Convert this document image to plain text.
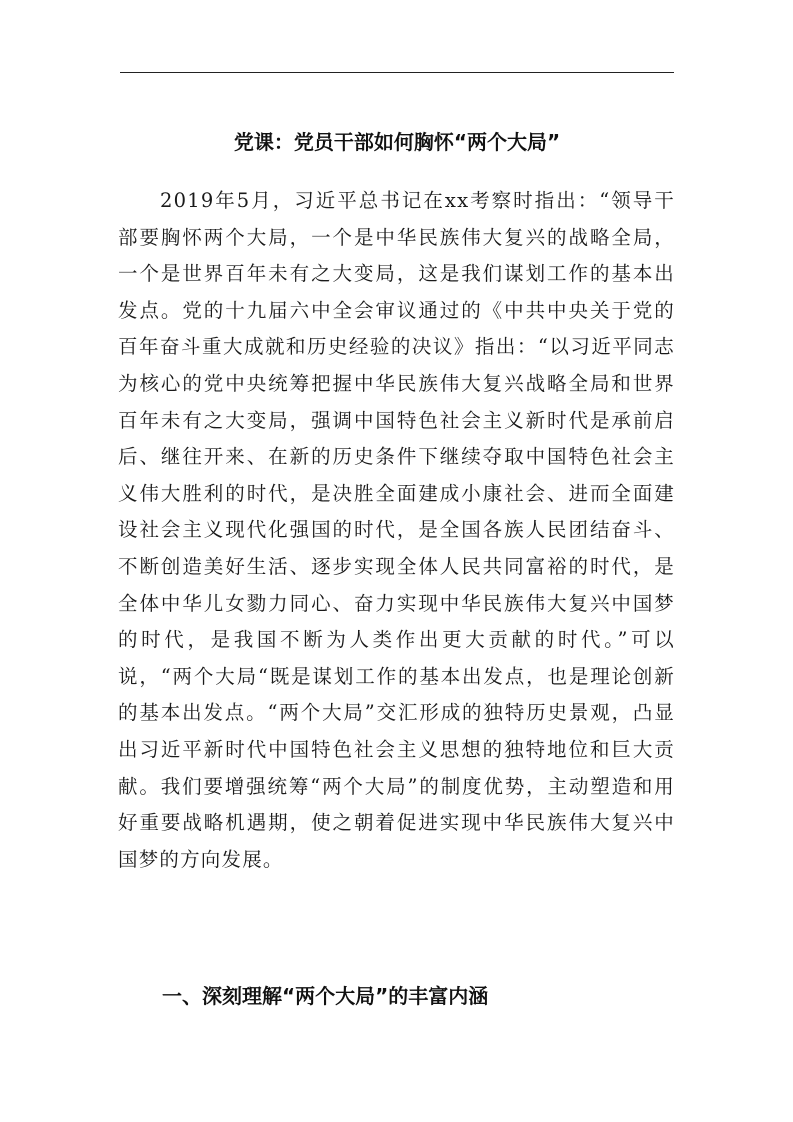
党课：党员干部如何胸怀“两个大局”

2019年5月，习近平总书记在xx考察时指出：“领导干部要胸怀两个大局，一个是中华民族伟大复兴的战略全局，一个是世界百年未有之大变局，这是我们谋划工作的基本出发点。党的十九届六中全会审议通过的《中共中央关于党的百年奋斗重大成就和历史经验的决议》指出：“以习近平同志为核心的党中央统筹把握中华民族伟大复兴战略全局和世界百年未有之大变局，强调中国特色社会主义新时代是承前启后、继往开来、在新的历史条件下继续夺取中国特色社会主义伟大胜利的时代，是决胜全面建成小康社会、进而全面建设社会主义现代化强国的时代，是全国各族人民团结奋斗、不断创造美好生活、逐步实现全体人民共同富裕的时代，是全体中华儿女勠力同心、奋力实现中华民族伟大复兴中国梦的时代，是我国不断为人类作出更大贡献的时代。”可以说，“两个大局“既是谋划工作的基本出发点，也是理论创新的基本出发点。“两个大局”交汇形成的独特历史景观，凸显出习近平新时代中国特色社会主义思想的独特地位和巨大贡献。我们要增强统筹“两个大局”的制度优势，主动塑造和用好重要战略机遇期，使之朝着促进实现中华民族伟大复兴中国梦的方向发展。

一、深刻理解“两个大局”的丰富内涵
